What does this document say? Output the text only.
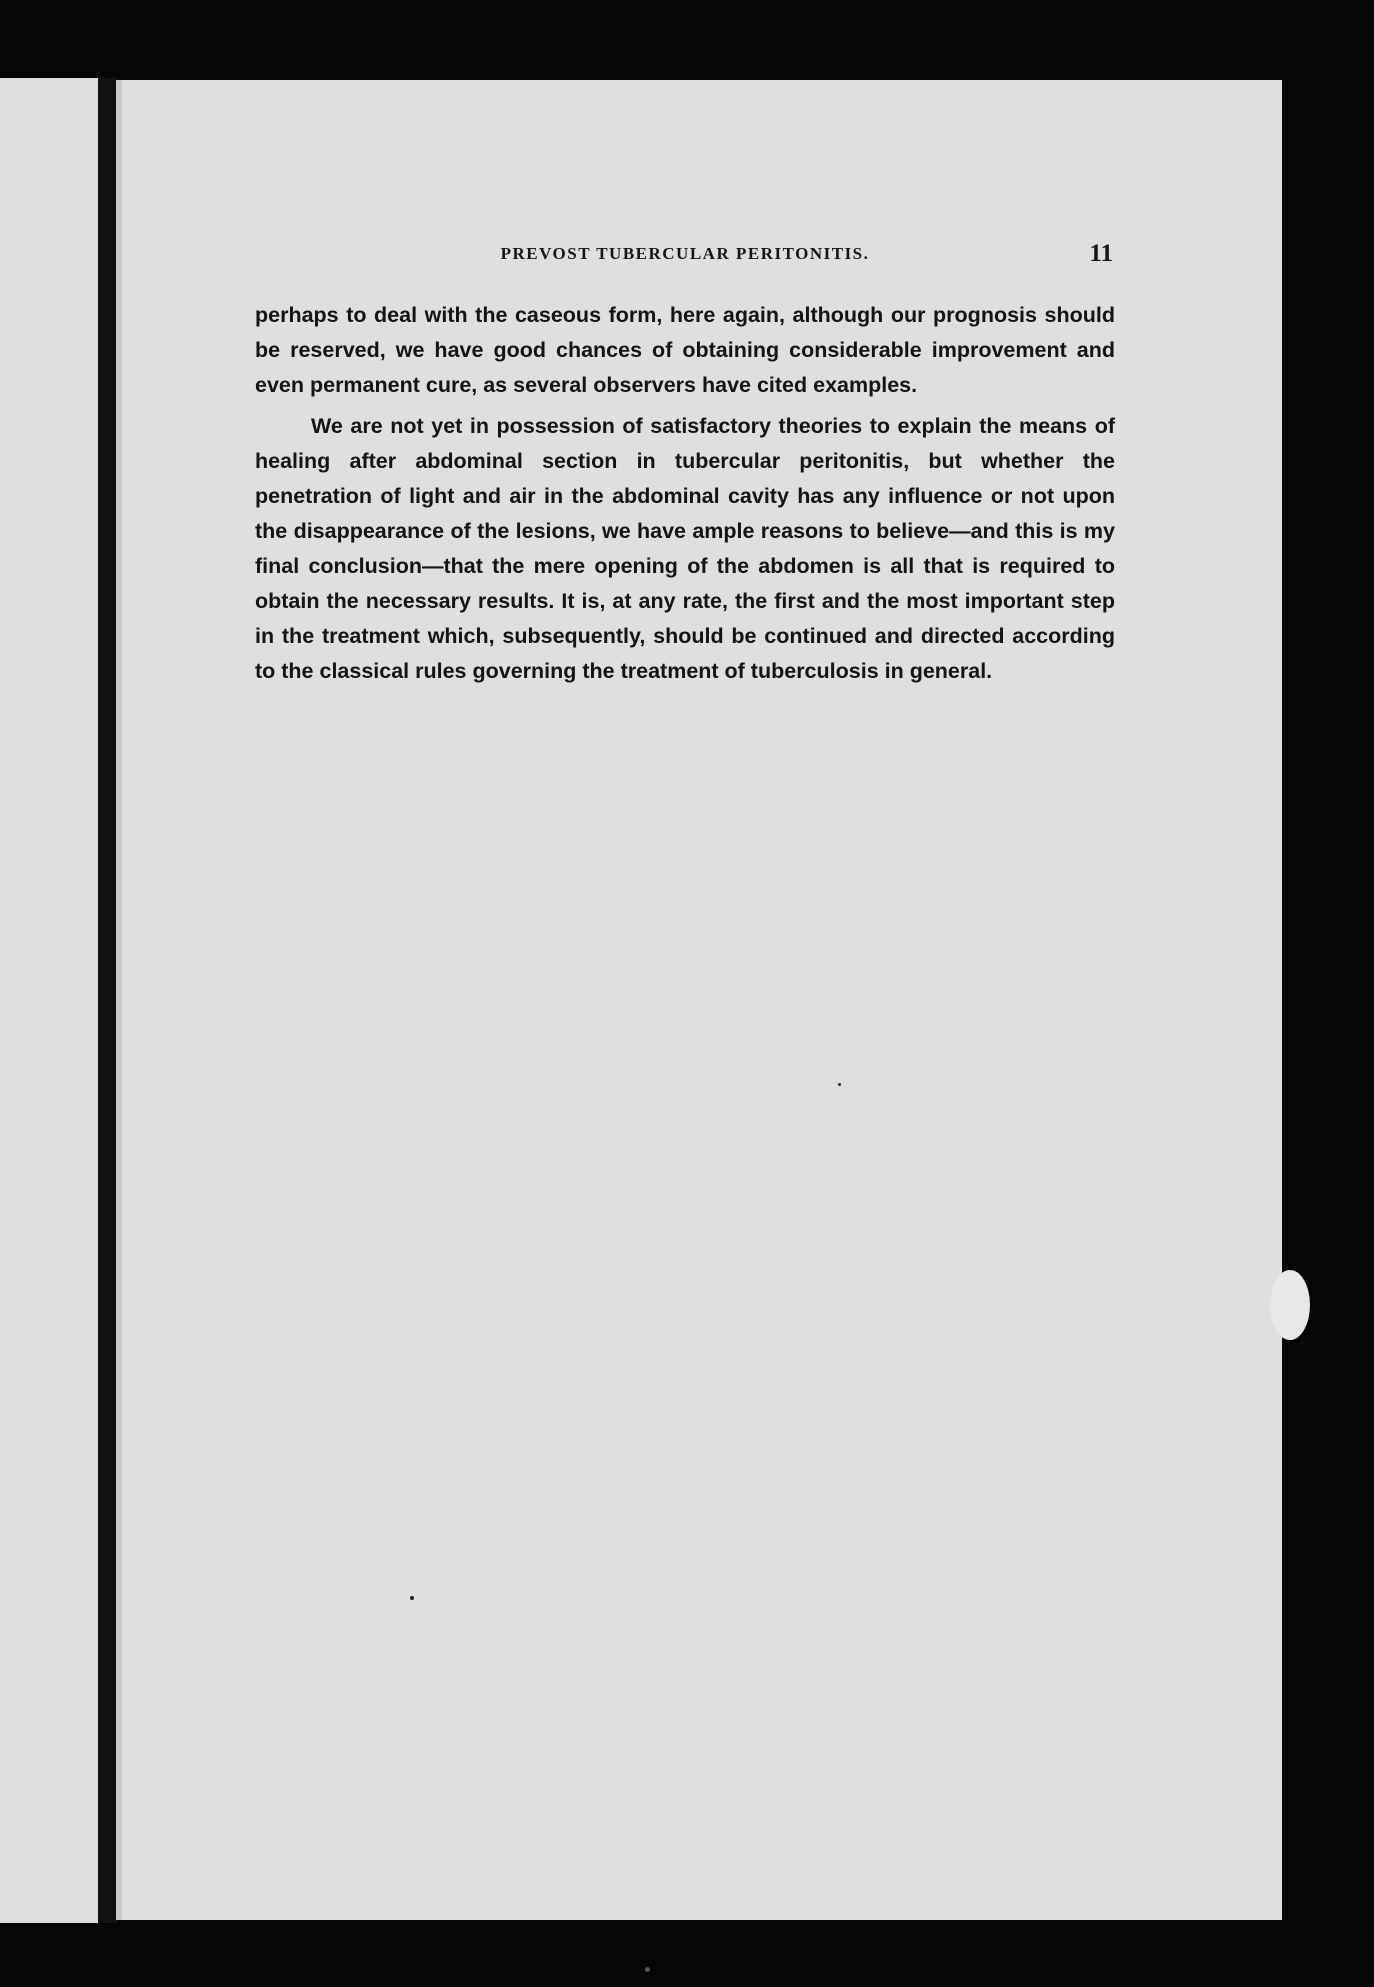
PREVOST TUBERCULAR PERITONITIS.	11

perhaps to deal with the caseous form, here again, although our prognosis should be reserved, we have good chances of obtaining considerable improvement and even permanent cure, as several observers have cited examples.

We are not yet in possession of satisfactory theories to explain the means of healing after abdominal section in tubercular peritonitis, but whether the penetration of light and air in the abdominal cavity has any influence or not upon the disappearance of the lesions, we have ample reasons to believe—and this is my final conclusion—that the mere opening of the abdomen is all that is required to obtain the necessary results. It is, at any rate, the first and the most important step in the treatment which, subsequently, should be continued and directed according to the classical rules governing the treatment of tuberculosis in general.
